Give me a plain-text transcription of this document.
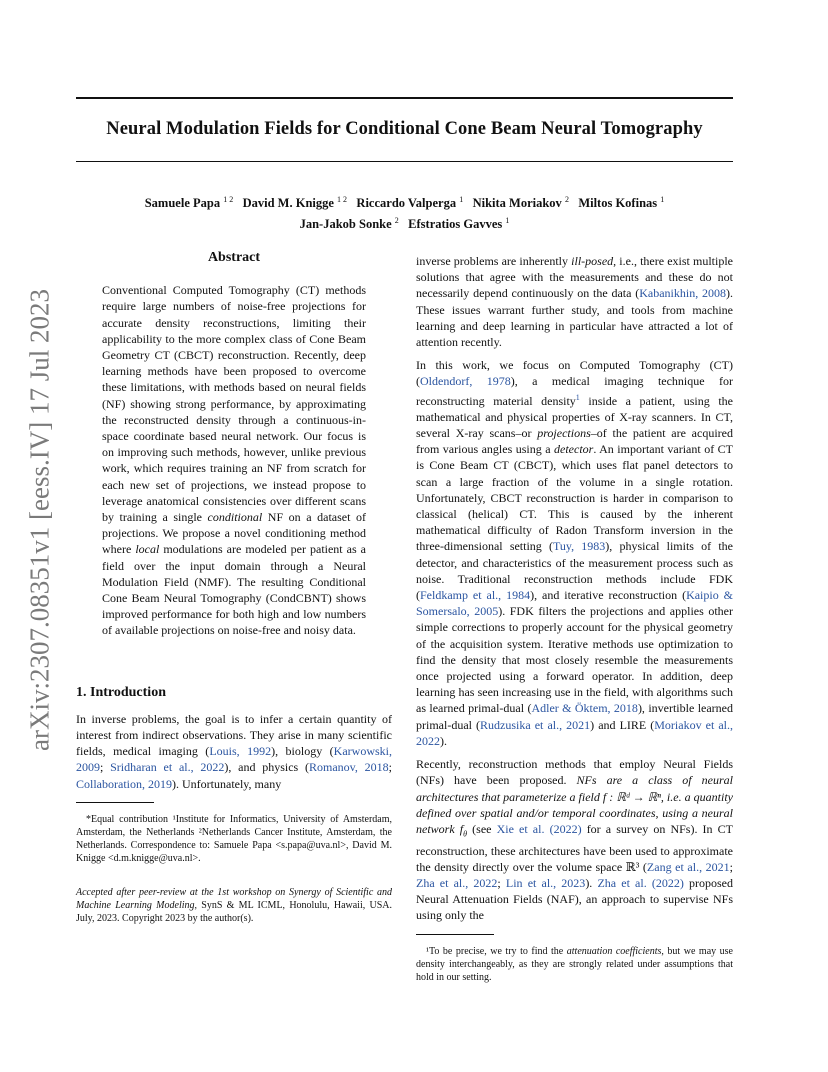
Neural Modulation Fields for Conditional Cone Beam Neural Tomography
Samuele Papa $^{1 2}$ David M. Knigge $^{1 2}$ Riccardo Valperga $^1$ Nikita Moriakov $^2$ Miltos Kofinas $^1$
Jan-Jakob Sonke $^2$ Efstratios Gavves $^1$
arXiv:2307.08351v1 [eess.IV] 17 Jul 2023
Abstract

Conventional Computed Tomography (CT) methods require large numbers of noise-free projections for accurate density reconstructions, limiting their applicability to the more complex class of Cone Beam Geometry CT (CBCT) reconstruction. Recently, deep learning methods have been proposed to overcome these limitations, with methods based on neural fields (NF) showing strong performance, by approximating the reconstructed density through a continuous-in-space coordinate based neural network. Our focus is on improving such methods, however, unlike previous work, which requires training an NF from scratch for each new set of projections, we instead propose to leverage anatomical consistencies over different scans by training a single conditional NF on a dataset of projections. We propose a novel conditioning method where local modulations are modeled per patient as a field over the input domain through a Neural Modulation Field (NMF). The resulting Conditional Cone Beam Neural Tomography (CondCBNT) shows improved performance for both high and low numbers of available projections on noise-free and noisy data.

1. Introduction

In inverse problems, the goal is to infer a certain quantity of interest from indirect observations. They arise in many scientific fields, medical imaging (Louis, 1992), biology (Karwowski, 2009; Sridharan et al., 2022), and physics (Romanov, 2018; Collaboration, 2019). Unfortunately, many

*Equal contribution ¹Institute for Informatics, University of Amsterdam, Amsterdam, the Netherlands ²Netherlands Cancer Institute, Amsterdam, the Netherlands. Correspondence to: Samuele Papa <s.papa@uva.nl>, David M. Knigge <d.m.knigge@uva.nl>.

Accepted after peer-review at the 1st workshop on Synergy of Scientific and Machine Learning Modeling, SynS & ML ICML, Honolulu, Hawaii, USA. July, 2023. Copyright 2023 by the author(s).

inverse problems are inherently ill-posed, i.e., there exist multiple solutions that agree with the measurements and these do not necessarily depend continuously on the data (Kabanikhin, 2008). These issues warrant further study, and tools from machine learning and deep learning in particular have attracted a lot of attention recently.

In this work, we focus on Computed Tomography (CT) (Oldendorf, 1978), a medical imaging technique for reconstructing material density$^1$ inside a patient, using the mathematical and physical properties of X-ray scanners. In CT, several X-ray scans–or projections–of the patient are acquired from various angles using a detector. An important variant of CT is Cone Beam CT (CBCT), which uses flat panel detectors to scan a large fraction of the volume in a single rotation. Unfortunately, CBCT reconstruction is harder in comparison to classical (helical) CT. This is caused by the inherent mathematical difficulty of Radon Transform inversion in the three-dimensional setting (Tuy, 1983), physical limits of the detector, and characteristics of the measurement process such as noise. Traditional reconstruction methods include FDK (Feldkamp et al., 1984), and iterative reconstruction (Kaipio & Somersalo, 2005). FDK filters the projections and applies other simple corrections to properly account for the physical geometry of the acquisition system. Iterative methods use optimization to find the density that most closely resemble the measurements once projected using a forward operator. In addition, deep learning has seen increasing use in the field, with algorithms such as learned primal-dual (Adler & Öktem, 2018), invertible learned primal-dual (Rudzusika et al., 2021) and LIRE (Moriakov et al., 2022).

Recently, reconstruction methods that employ Neural Fields (NFs) have been proposed. NFs are a class of neural architectures that parameterize a field f : ℝᵈ → ℝⁿ, i.e. a quantity defined over spatial and/or temporal coordinates, using a neural network $f_\theta$ (see Xie et al. (2022) for a survey on NFs). In CT reconstruction, these architectures have been used to approximate the density directly over the volume space ℝ³ (Zang et al., 2021; Zha et al., 2022; Lin et al., 2023). Zha et al. (2022) proposed Neural Attenuation Fields (NAF), an approach to supervise NFs using only the

¹To be precise, we try to find the attenuation coefficients, but we may use density interchangeably, as they are strongly related under assumptions that hold in our setting.
